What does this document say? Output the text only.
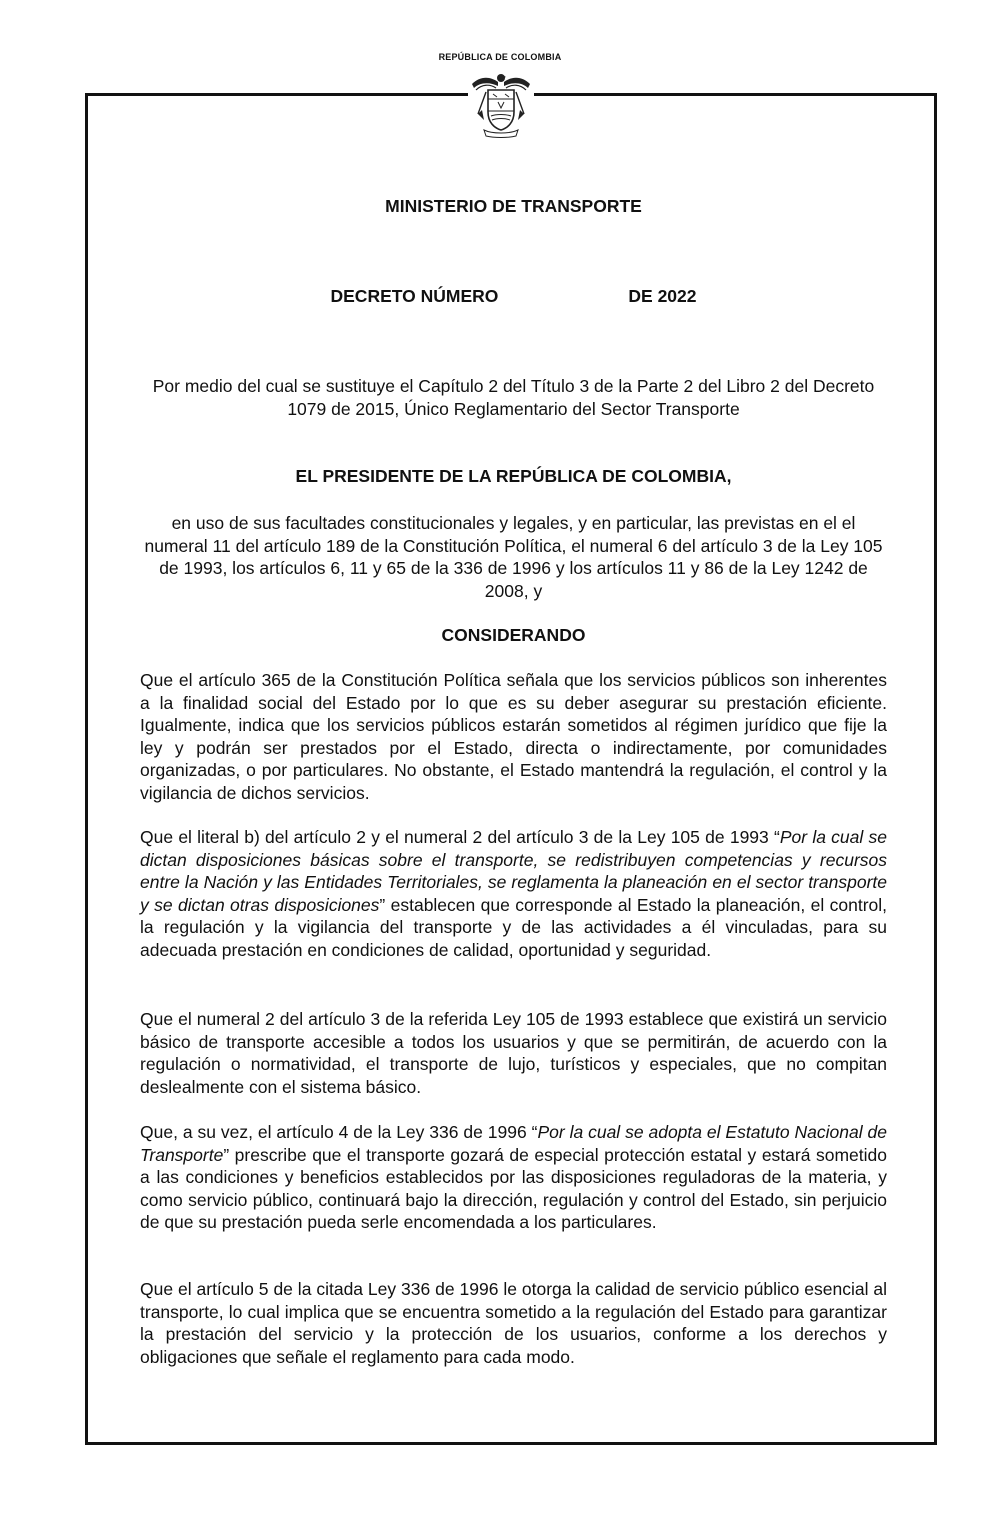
REPÚBLICA DE COLOMBIA
MINISTERIO DE TRANSPORTE
DECRETO NÚMERO	DE 2022
Por medio del cual se sustituye el Capítulo 2 del Título 3 de la Parte 2 del Libro 2 del Decreto 1079 de 2015, Único Reglamentario del Sector Transporte
EL PRESIDENTE DE LA REPÚBLICA DE COLOMBIA,
en uso de sus facultades constitucionales y legales, y en particular, las previstas en el el numeral 11 del artículo 189 de la Constitución Política, el numeral 6 del artículo 3 de la Ley 105 de 1993, los artículos 6, 11 y 65 de la 336 de 1996 y los artículos 11 y 86 de la Ley 1242 de 2008, y
CONSIDERANDO
Que el artículo 365 de la Constitución Política señala que los servicios públicos son inherentes a la finalidad social del Estado por lo que es su deber asegurar su prestación eficiente. Igualmente, indica que los servicios públicos estarán sometidos al régimen jurídico que fije la ley y podrán ser prestados por el Estado, directa o indirectamente, por comunidades organizadas, o por particulares. No obstante, el Estado mantendrá la regulación, el control y la vigilancia de dichos servicios.
Que el literal b) del artículo 2 y el numeral 2 del artículo 3 de la Ley 105 de 1993 “Por la cual se dictan disposiciones básicas sobre el transporte, se redistribuyen competencias y recursos entre la Nación y las Entidades Territoriales, se reglamenta la planeación en el sector transporte y se dictan otras disposiciones” establecen que corresponde al Estado la planeación, el control, la regulación y la vigilancia del transporte y de las actividades a él vinculadas, para su adecuada prestación en condiciones de calidad, oportunidad y seguridad.
Que el numeral 2 del artículo 3 de la referida Ley 105 de 1993 establece que existirá un servicio básico de transporte accesible a todos los usuarios y que se permitirán, de acuerdo con la regulación o normatividad, el transporte de lujo, turísticos y especiales, que no compitan deslealmente con el sistema básico.
Que, a su vez, el artículo 4 de la Ley 336 de 1996 “Por la cual se adopta el Estatuto Nacional de Transporte” prescribe que el transporte gozará de especial protección estatal y estará sometido a las condiciones y beneficios establecidos por las disposiciones reguladoras de la materia, y como servicio público, continuará bajo la dirección, regulación y control del Estado, sin perjuicio de que su prestación pueda serle encomendada a los particulares.
Que el artículo 5 de la citada Ley 336 de 1996 le otorga la calidad de servicio público esencial al transporte, lo cual implica que se encuentra sometido a la regulación del Estado para garantizar la prestación del servicio y la protección de los usuarios, conforme a los derechos y obligaciones que señale el reglamento para cada modo.
